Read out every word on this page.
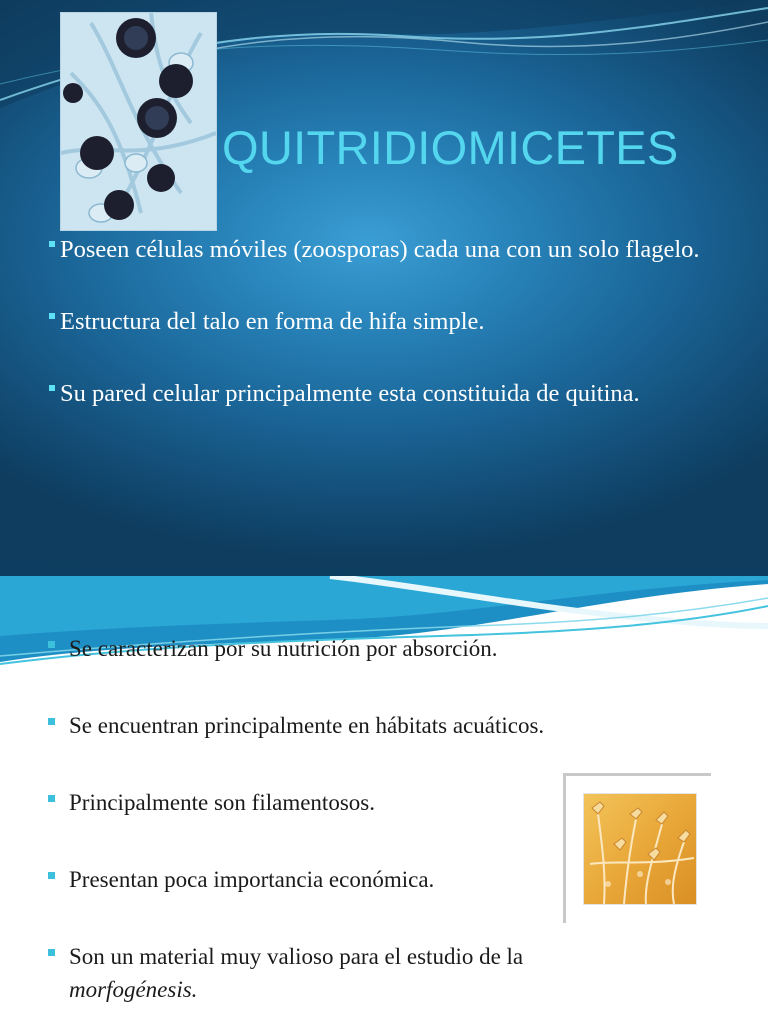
QUITRIDIOMICETES
Poseen células móviles (zoosporas) cada una con un solo flagelo.
Estructura del talo en forma de hifa simple.
Su pared celular principalmente esta constituida de quitina.
Se caracterizan por su nutrición por absorción.
Se encuentran principalmente en hábitats acuáticos.
Principalmente son filamentosos.
Presentan poca importancia económica.
Son un material muy valioso para el estudio de la
morfogénesis.
